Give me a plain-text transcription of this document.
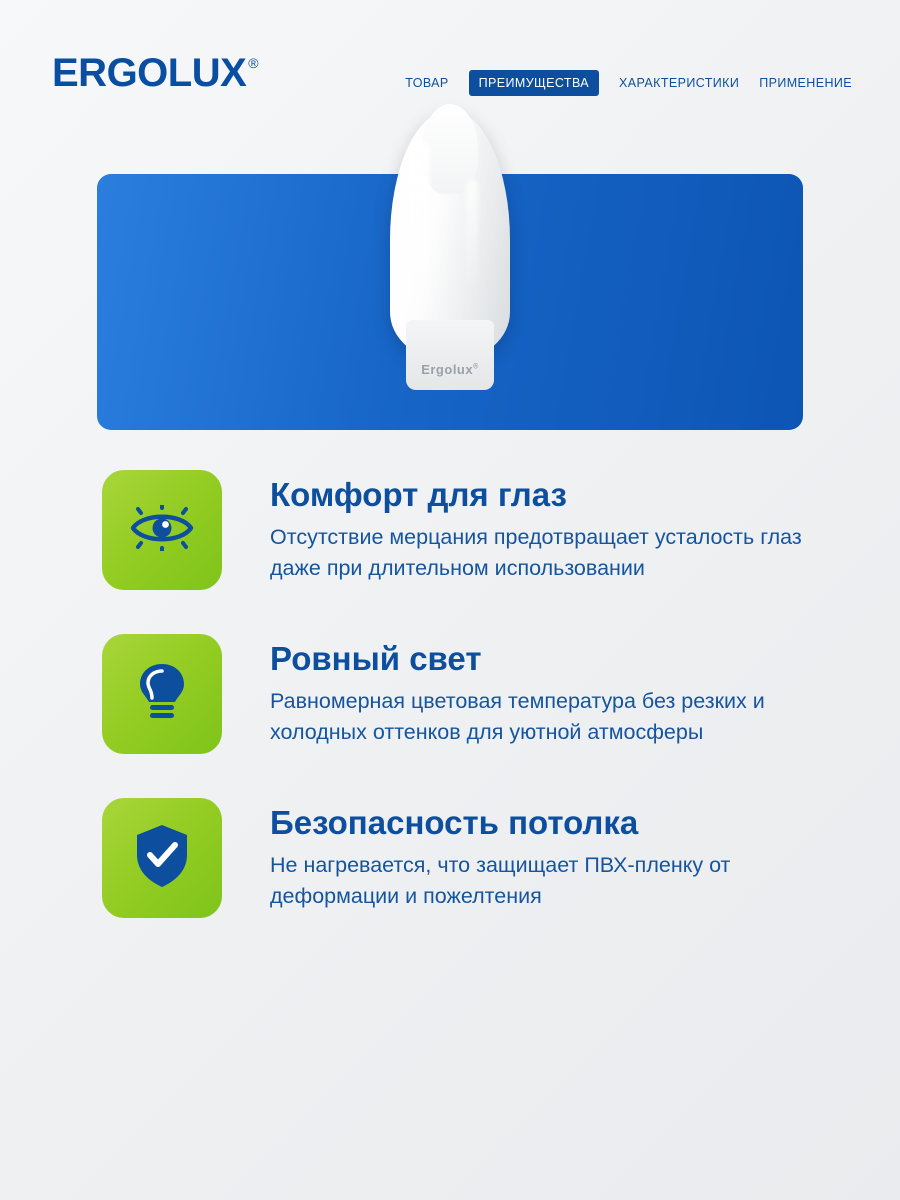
ERGOLUX ®
ТОВАР	ПРЕИМУЩЕСТВА	ХАРАКТЕРИСТИКИ ПРИМЕНЕНИЕ
Ergolux®
Комфорт для глаз
Отсутствие мерцания предотвращает усталость глаз даже при длительном использовании
Ровный свет
Равномерная цветовая температура без резких и холодных оттенков для уютной атмосферы
Безопасность потолка
Не нагревается, что защищает ПВХ-пленку от деформации и пожелтения
